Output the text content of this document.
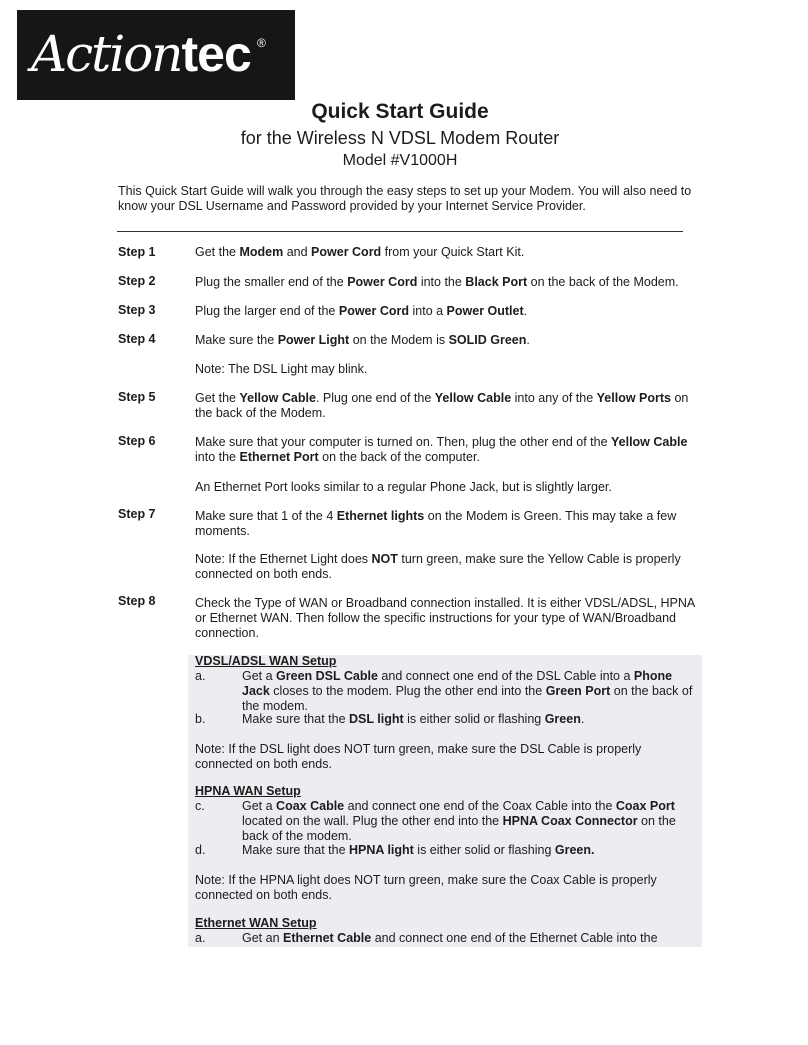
Actiontec ®
Quick Start Guide
for the Wireless N VDSL Modem Router
Model #V1000H
This Quick Start Guide will walk you through the easy steps to set up your Modem. You will also need to know your DSL Username and Password provided by your Internet Service Provider.
Step 1	Get the Modem and Power Cord from your Quick Start Kit.
Step 2	Plug the smaller end of the Power Cord into the Black Port on the back of the Modem.
Step 3	Plug the larger end of the Power Cord into a Power Outlet.
Step 4	Make sure the Power Light on the Modem is SOLID Green.
Note: The DSL Light may blink.
Step 5	Get the Yellow Cable. Plug one end of the Yellow Cable into any of the Yellow Ports on the back of the Modem.
Step 6	Make sure that your computer is turned on. Then, plug the other end of the Yellow Cable into the Ethernet Port on the back of the computer.
An Ethernet Port looks similar to a regular Phone Jack, but is slightly larger.
Step 7	Make sure that 1 of the 4 Ethernet lights on the Modem is Green. This may take a few moments.
Note: If the Ethernet Light does NOT turn green, make sure the Yellow Cable is properly connected on both ends.
Step 8	Check the Type of WAN or Broadband connection installed. It is either VDSL/ADSL, HPNA or Ethernet WAN. Then follow the specific instructions for your type of WAN/Broadband connection.
VDSL/ADSL WAN Setup
a.	Get a Green DSL Cable and connect one end of the DSL Cable into a Phone Jack closes to the modem. Plug the other end into the Green Port on the back of the modem.
b.	Make sure that the DSL light is either solid or flashing Green.
Note: If the DSL light does NOT turn green, make sure the DSL Cable is properly connected on both ends.
HPNA WAN Setup
c.	Get a Coax Cable and connect one end of the Coax Cable into the Coax Port located on the wall. Plug the other end into the HPNA Coax Connector on the back of the modem.
d.	Make sure that the HPNA light is either solid or flashing Green.
Note: If the HPNA light does NOT turn green, make sure the Coax Cable is properly connected on both ends.
Ethernet WAN Setup
a.	Get an Ethernet Cable and connect one end of the Ethernet Cable into the
